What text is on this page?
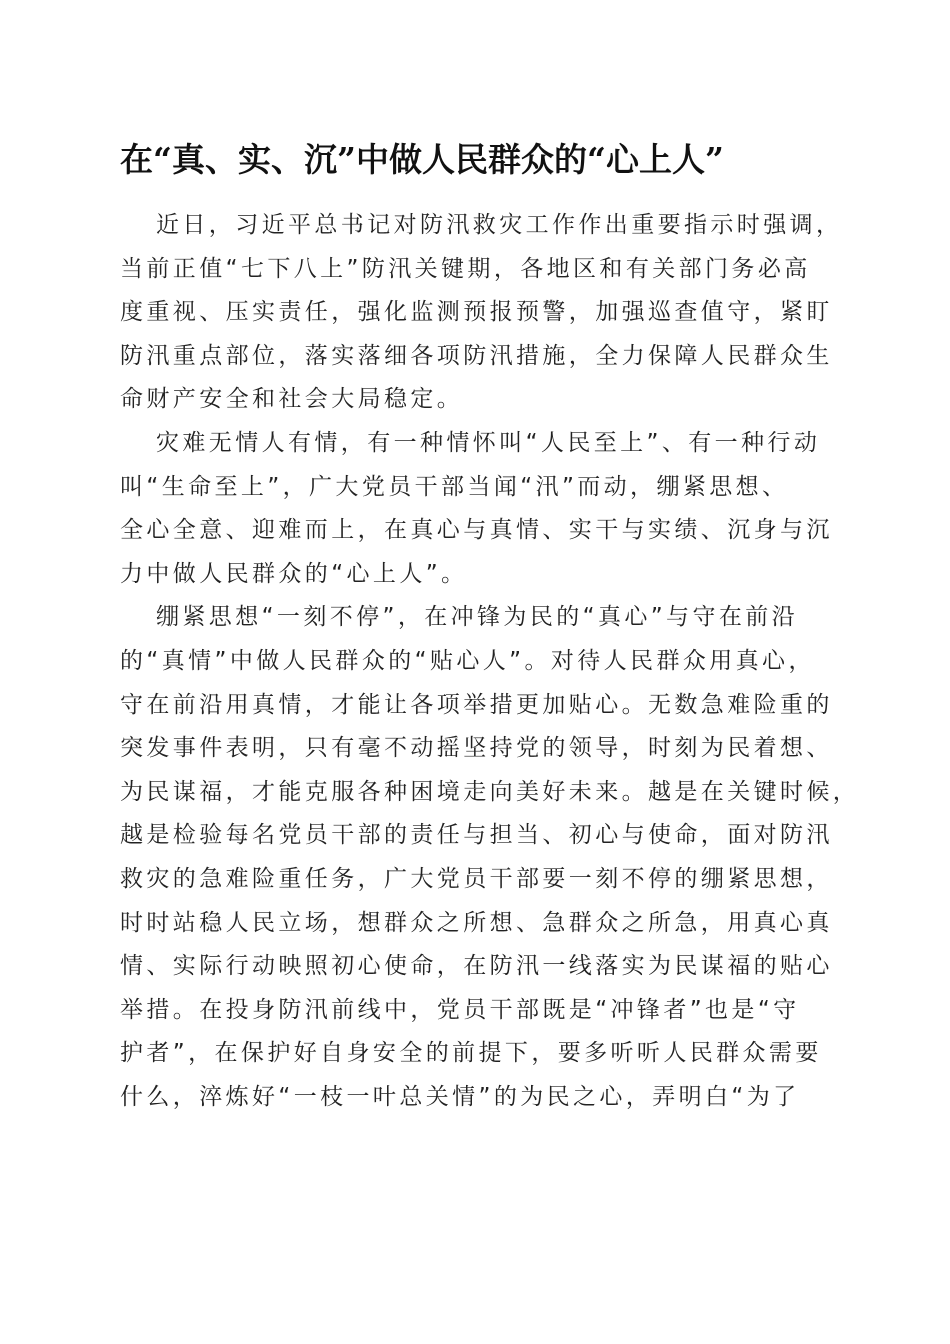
在“真、实、沉”中做人民群众的“心上人”
近日，习近平总书记对防汛救灾工作作出重要指示时强调，
当前正值“七下八上”防汛关键期，各地区和有关部门务必高
度重视、压实责任，强化监测预报预警，加强巡查值守，紧盯
防汛重点部位，落实落细各项防汛措施，全力保障人民群众生
命财产安全和社会大局稳定。
灾难无情人有情，有一种情怀叫“人民至上”、有一种行动
叫“生命至上”，广大党员干部当闻“汛”而动，绷紧思想、
全心全意、迎难而上，在真心与真情、实干与实绩、沉身与沉
力中做人民群众的“心上人”。
绷紧思想“一刻不停”，在冲锋为民的“真心”与守在前沿
的“真情”中做人民群众的“贴心人”。对待人民群众用真心，
守在前沿用真情，才能让各项举措更加贴心。无数急难险重的
突发事件表明，只有毫不动摇坚持党的领导，时刻为民着想、
为民谋福，才能克服各种困境走向美好未来。越是在关键时候，
越是检验每名党员干部的责任与担当、初心与使命，面对防汛
救灾的急难险重任务，广大党员干部要一刻不停的绷紧思想，
时时站稳人民立场，想群众之所想、急群众之所急，用真心真
情、实际行动映照初心使命，在防汛一线落实为民谋福的贴心
举措。在投身防汛前线中，党员干部既是“冲锋者”也是“守
护者”，在保护好自身安全的前提下，要多听听人民群众需要
什么，淬炼好“一枝一叶总关情”的为民之心，弄明白“为了
